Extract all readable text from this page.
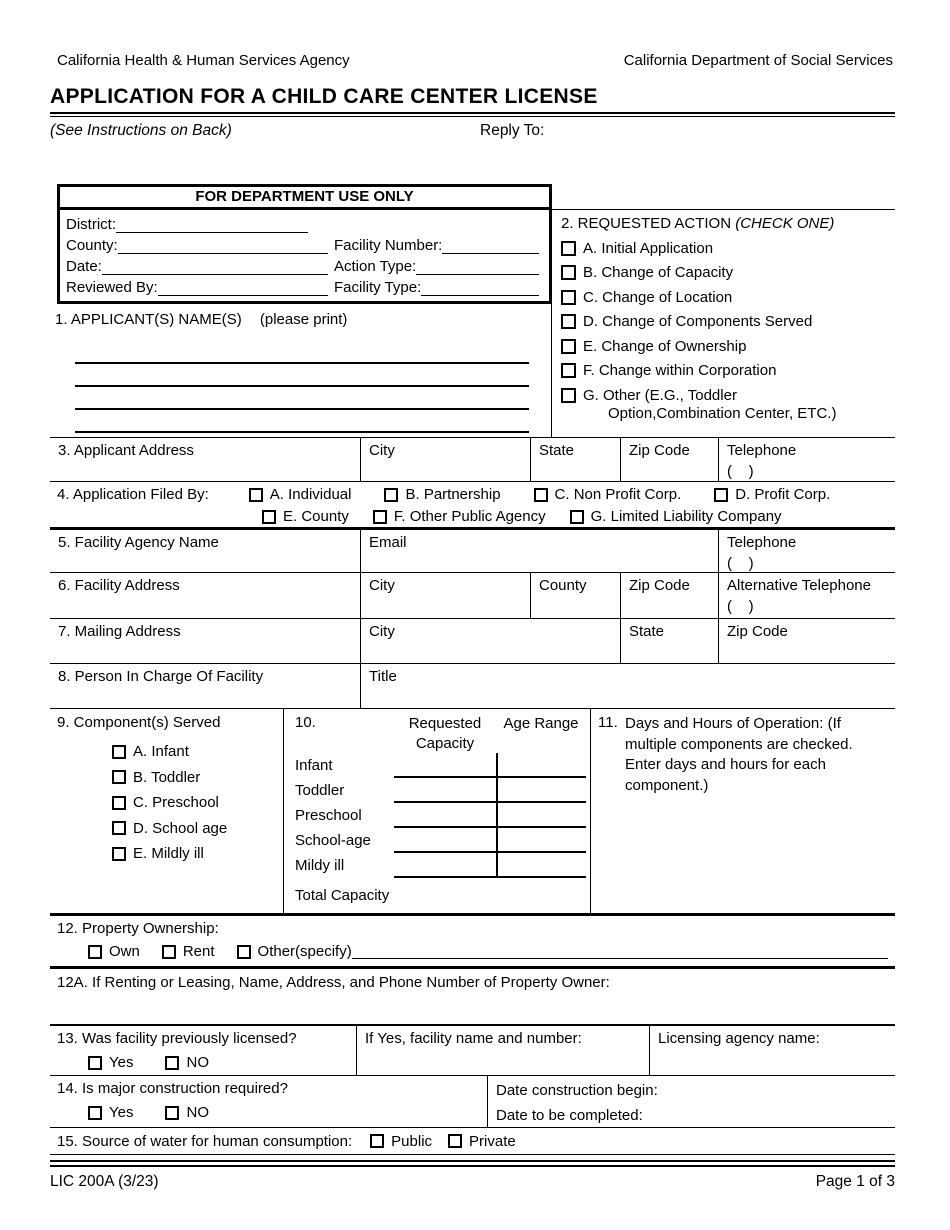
California Health & Human Services Agency	California Department of Social Services
APPLICATION FOR A CHILD CARE CENTER LICENSE
(See Instructions on Back)	Reply To:
FOR DEPARTMENT USE ONLY
District:
County:	Facility Number:
Date:	Action Type:
Reviewed By:	Facility Type:
1. APPLICANT(S) NAME(S) (please print)
2. REQUESTED ACTION (CHECK ONE)
A. Initial Application
B. Change of Capacity
C. Change of Location
D. Change of Components Served
E. Change of Ownership
F. Change within Corporation
G. Other (E.G., Toddler
Option,Combination Center, ETC.)
3. Applicant Address	City	State	Zip Code	Telephone
(    )
4. Application Filed By:	A. Individual	B. Partnership	C. Non Profit Corp.	D. Profit Corp.
E. County	F. Other Public Agency	G. Limited Liability Company
5. Facility Agency Name	Email	Telephone
(    )
6. Facility Address	City	County	Zip Code	Alternative Telephone
(    )
7. Mailing Address	City	State	Zip Code
8. Person In Charge Of Facility	Title
9. Component(s) Served
A. Infant
B. Toddler
C. Preschool
D. School age
E. Mildly ill
10.	Requested Capacity
Age Range
Infant
Toddler
Preschool
School-age
Mildy ill
Total Capacity
11. Days and Hours of Operation: (If multiple components are checked. Enter days and hours for each component.)
12. Property Ownership:
Own	Rent	Other(specify)
12A. If Renting or Leasing, Name, Address, and Phone Number of Property Owner:
13. Was facility previously licensed?
Yes	NO
If Yes, facility name and number:	Licensing agency name:
14. Is major construction required?
Yes	NO
Date construction begin:
Date to be completed:
15. Source of water for human consumption:	Public Private
LIC 200A (3/23)	Page 1 of 3
